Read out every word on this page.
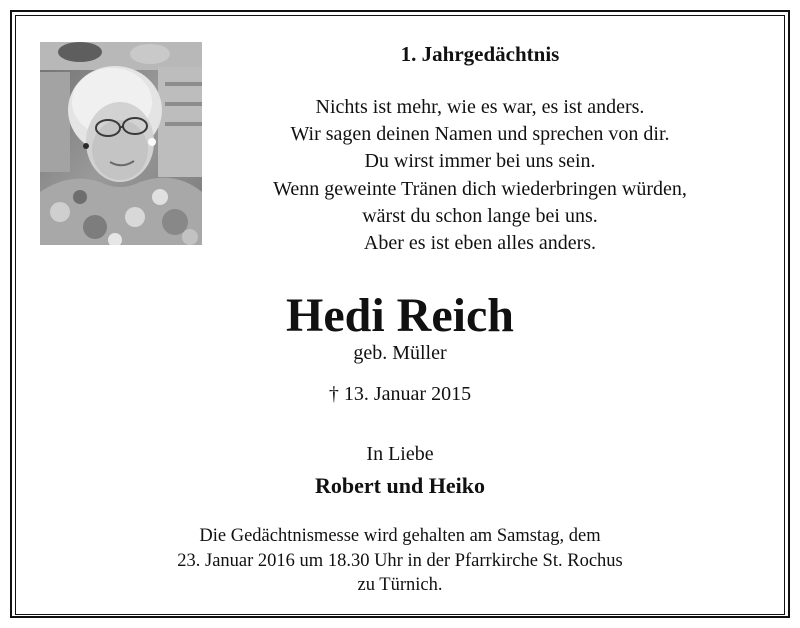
1. Jahrgedächtnis
Nichts ist mehr, wie es war, es ist anders.
Wir sagen deinen Namen und sprechen von dir.
Du wirst immer bei uns sein.
Wenn geweinte Tränen dich wiederbringen würden,
wärst du schon lange bei uns.
Aber es ist eben alles anders.
Hedi Reich
geb. Müller
† 13. Januar 2015
In Liebe
Robert und Heiko
Die Gedächtnismesse wird gehalten am Samstag, dem
23. Januar 2016 um 18.30 Uhr in der Pfarrkirche St. Rochus
zu Türnich.
